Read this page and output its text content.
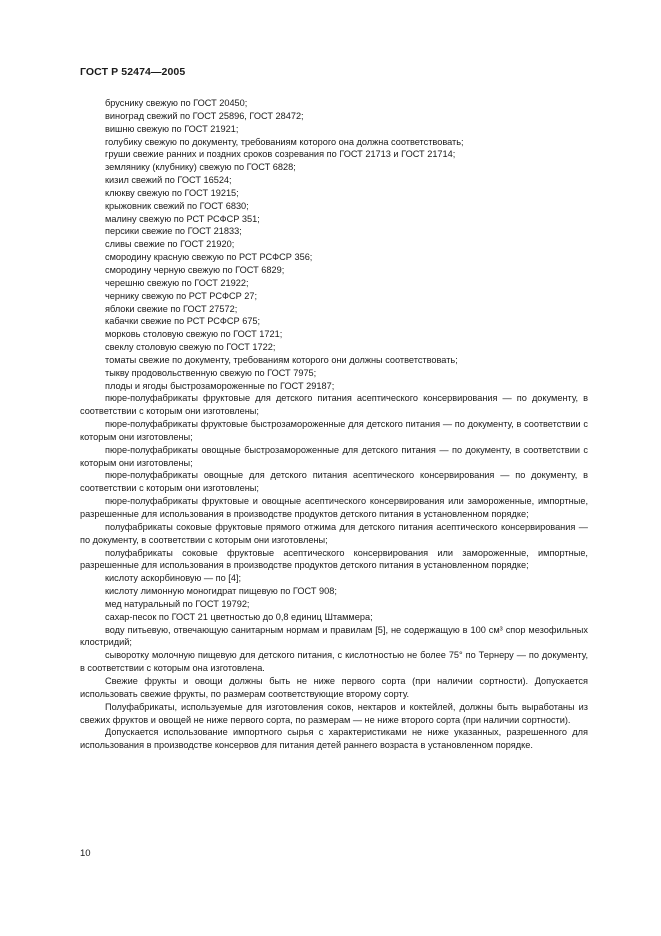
ГОСТ Р 52474—2005

бруснику свежую по ГОСТ 20450;

виноград свежий по ГОСТ 25896, ГОСТ 28472;

вишню свежую по ГОСТ 21921;

голубику свежую по документу, требованиям которого она должна соответствовать;

груши свежие ранних и поздних сроков созревания по ГОСТ 21713 и ГОСТ 21714;

землянику (клубнику) свежую по ГОСТ 6828;

кизил свежий по ГОСТ 16524;

клюкву свежую по ГОСТ 19215;

крыжовник свежий по ГОСТ 6830;

малину свежую по РСТ РСФСР 351;

персики свежие по ГОСТ 21833;

сливы свежие по ГОСТ 21920;

смородину красную свежую по РСТ РСФСР 356;

смородину черную свежую по ГОСТ 6829;

черешню свежую по ГОСТ 21922;

чернику свежую по РСТ РСФСР 27;

яблоки свежие по ГОСТ 27572;

кабачки свежие по РСТ РСФСР 675;

морковь столовую свежую по ГОСТ 1721;

свеклу столовую свежую по ГОСТ 1722;

томаты свежие по документу, требованиям которого они должны соответствовать;

тыкву продовольственную свежую по ГОСТ 7975;

плоды и ягоды быстрозамороженные по ГОСТ 29187;

пюре-полуфабрикаты фруктовые для детского питания асептического консервирования — по документу, в соответствии с которым они изготовлены;

пюре-полуфабрикаты фруктовые быстрозамороженные для детского питания — по документу, в соответствии с которым они изготовлены;

пюре-полуфабрикаты овощные быстрозамороженные для детского питания — по документу, в соответствии с которым они изготовлены;

пюре-полуфабрикаты овощные для детского питания асептического консервирования — по документу, в соответствии с которым они изготовлены;

пюре-полуфабрикаты фруктовые и овощные асептического консервирования или замороженные, импортные, разрешенные для использования в производстве продуктов детского питания в установленном порядке;

полуфабрикаты соковые фруктовые прямого отжима для детского питания асептического консервирования — по документу, в соответствии с которым они изготовлены;

полуфабрикаты соковые фруктовые асептического консервирования или замороженные, импортные, разрешенные для использования в производстве продуктов детского питания в установленном порядке;

кислоту аскорбиновую — по [4];

кислоту лимонную моногидрат пищевую по ГОСТ 908;

мед натуральный по ГОСТ 19792;

сахар-песок по ГОСТ 21 цветностью до 0,8 единиц Штаммера;

воду питьевую, отвечающую санитарным нормам и правилам [5], не содержащую в 100 см³ спор мезофильных клостридий;

сыворотку молочную пищевую для детского питания, с кислотностью не более 75° по Тернеру — по документу, в соответствии с которым она изготовлена.

Свежие фрукты и овощи должны быть не ниже первого сорта (при наличии сортности). Допускается использовать свежие фрукты, по размерам соответствующие второму сорту.

Полуфабрикаты, используемые для изготовления соков, нектаров и коктейлей, должны быть выработаны из свежих фруктов и овощей не ниже первого сорта, по размерам — не ниже второго сорта (при наличии сортности).

Допускается использование импортного сырья с характеристиками не ниже указанных, разрешенного для использования в производстве консервов для питания детей раннего возраста в установленном порядке.

10
